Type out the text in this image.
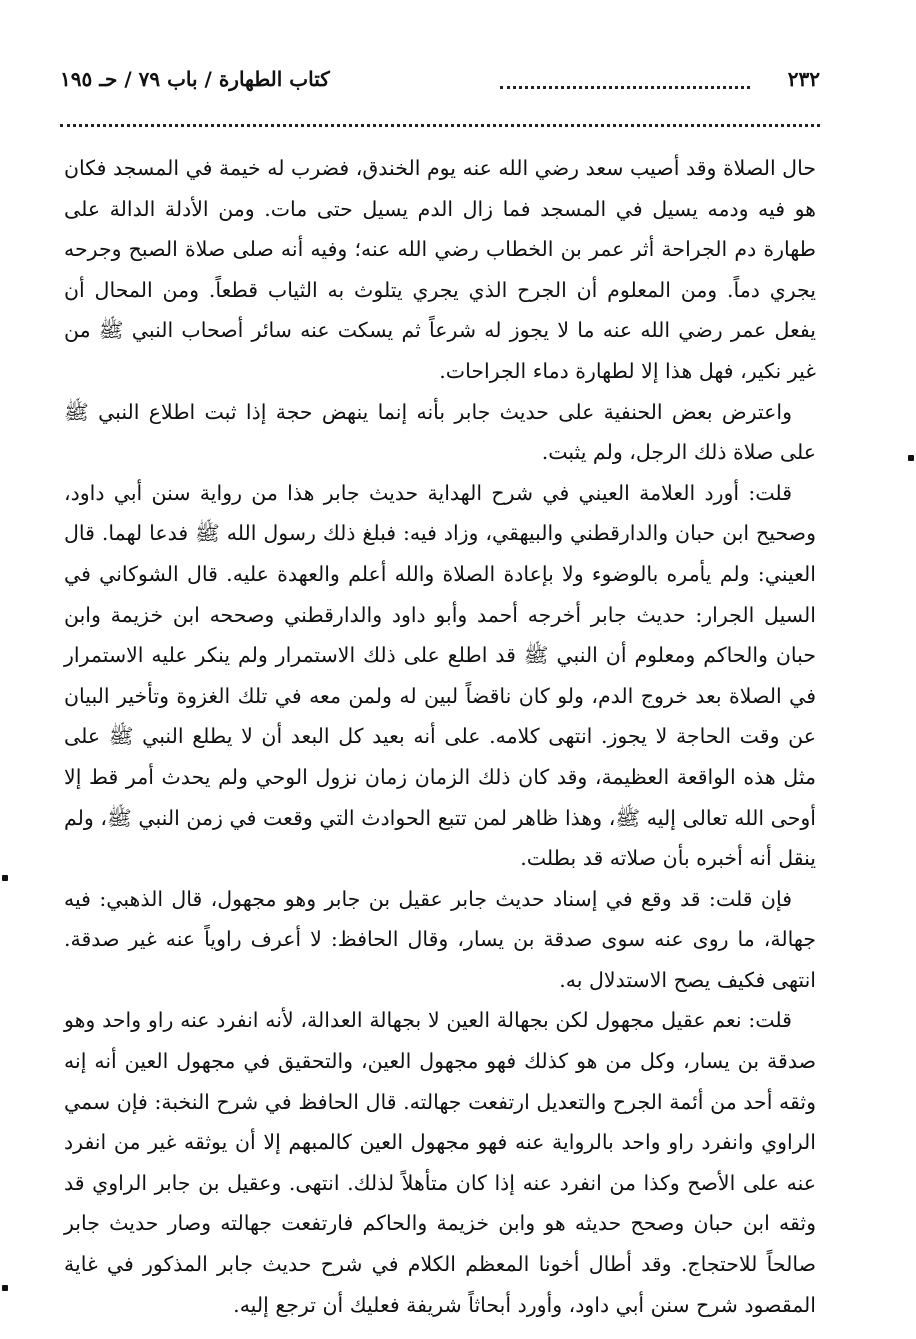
٢٣٢
كتاب الطهارة / باب ٧٩ / حـ ١٩٥

حال الصلاة وقد أصيب سعد رضي الله عنه يوم الخندق، فضرب له خيمة في المسجد فكان هو فيه ودمه يسيل في المسجد فما زال الدم يسيل حتى مات. ومن الأدلة الدالة على طهارة دم الجراحة أثر عمر بن الخطاب رضي الله عنه؛ وفيه أنه صلى صلاة الصبح وجرحه يجري دماً. ومن المعلوم أن الجرح الذي يجري يتلوث به الثياب قطعاً. ومن المحال أن يفعل عمر رضي الله عنه ما لا يجوز له شرعاً ثم يسكت عنه سائر أصحاب النبي ﷺ من غير نكير، فهل هذا إلا لطهارة دماء الجراحات.

واعترض بعض الحنفية على حديث جابر بأنه إنما ينهض حجة إذا ثبت اطلاع النبي ﷺ على صلاة ذلك الرجل، ولم يثبت.

قلت: أورد العلامة العيني في شرح الهداية حديث جابر هذا من رواية سنن أبي داود، وصحيح ابن حبان والدارقطني والبيهقي، وزاد فيه: فبلغ ذلك رسول الله ﷺ فدعا لهما. قال العيني: ولم يأمره بالوضوء ولا بإعادة الصلاة والله أعلم والعهدة عليه. قال الشوكاني في السيل الجرار: حديث جابر أخرجه أحمد وأبو داود والدارقطني وصححه ابن خزيمة وابن حبان والحاكم ومعلوم أن النبي ﷺ قد اطلع على ذلك الاستمرار ولم ينكر عليه الاستمرار في الصلاة بعد خروج الدم، ولو كان ناقضاً لبين له ولمن معه في تلك الغزوة وتأخير البيان عن وقت الحاجة لا يجوز. انتهى كلامه. على أنه بعيد كل البعد أن لا يطلع النبي ﷺ على مثل هذه الواقعة العظيمة، وقد كان ذلك الزمان زمان نزول الوحي ولم يحدث أمر قط إلا أوحى الله تعالى إليه ﷺ، وهذا ظاهر لمن تتبع الحوادث التي وقعت في زمن النبي ﷺ، ولم ينقل أنه أخبره بأن صلاته قد بطلت.

فإن قلت: قد وقع في إسناد حديث جابر عقيل بن جابر وهو مجهول، قال الذهبي: فيه جهالة، ما روى عنه سوى صدقة بن يسار، وقال الحافظ: لا أعرف راوياً عنه غير صدقة. انتهى فكيف يصح الاستدلال به.

قلت: نعم عقيل مجهول لكن بجهالة العين لا بجهالة العدالة، لأنه انفرد عنه راو واحد وهو صدقة بن يسار، وكل من هو كذلك فهو مجهول العين، والتحقيق في مجهول العين أنه إنه وثقه أحد من أئمة الجرح والتعديل ارتفعت جهالته. قال الحافظ في شرح النخبة: فإن سمي الراوي وانفرد راو واحد بالرواية عنه فهو مجهول العين كالمبهم إلا أن يوثقه غير من انفرد عنه على الأصح وكذا من انفرد عنه إذا كان متأهلاً لذلك. انتهى. وعقيل بن جابر الراوي قد وثقه ابن حبان وصحح حديثه هو وابن خزيمة والحاكم فارتفعت جهالته وصار حديث جابر صالحاً للاحتجاج. وقد أطال أخونا المعظم الكلام في شرح حديث جابر المذكور في غاية المقصود شرح سنن أبي داود، وأورد أبحاثاً شريفة فعليك أن ترجع إليه.
